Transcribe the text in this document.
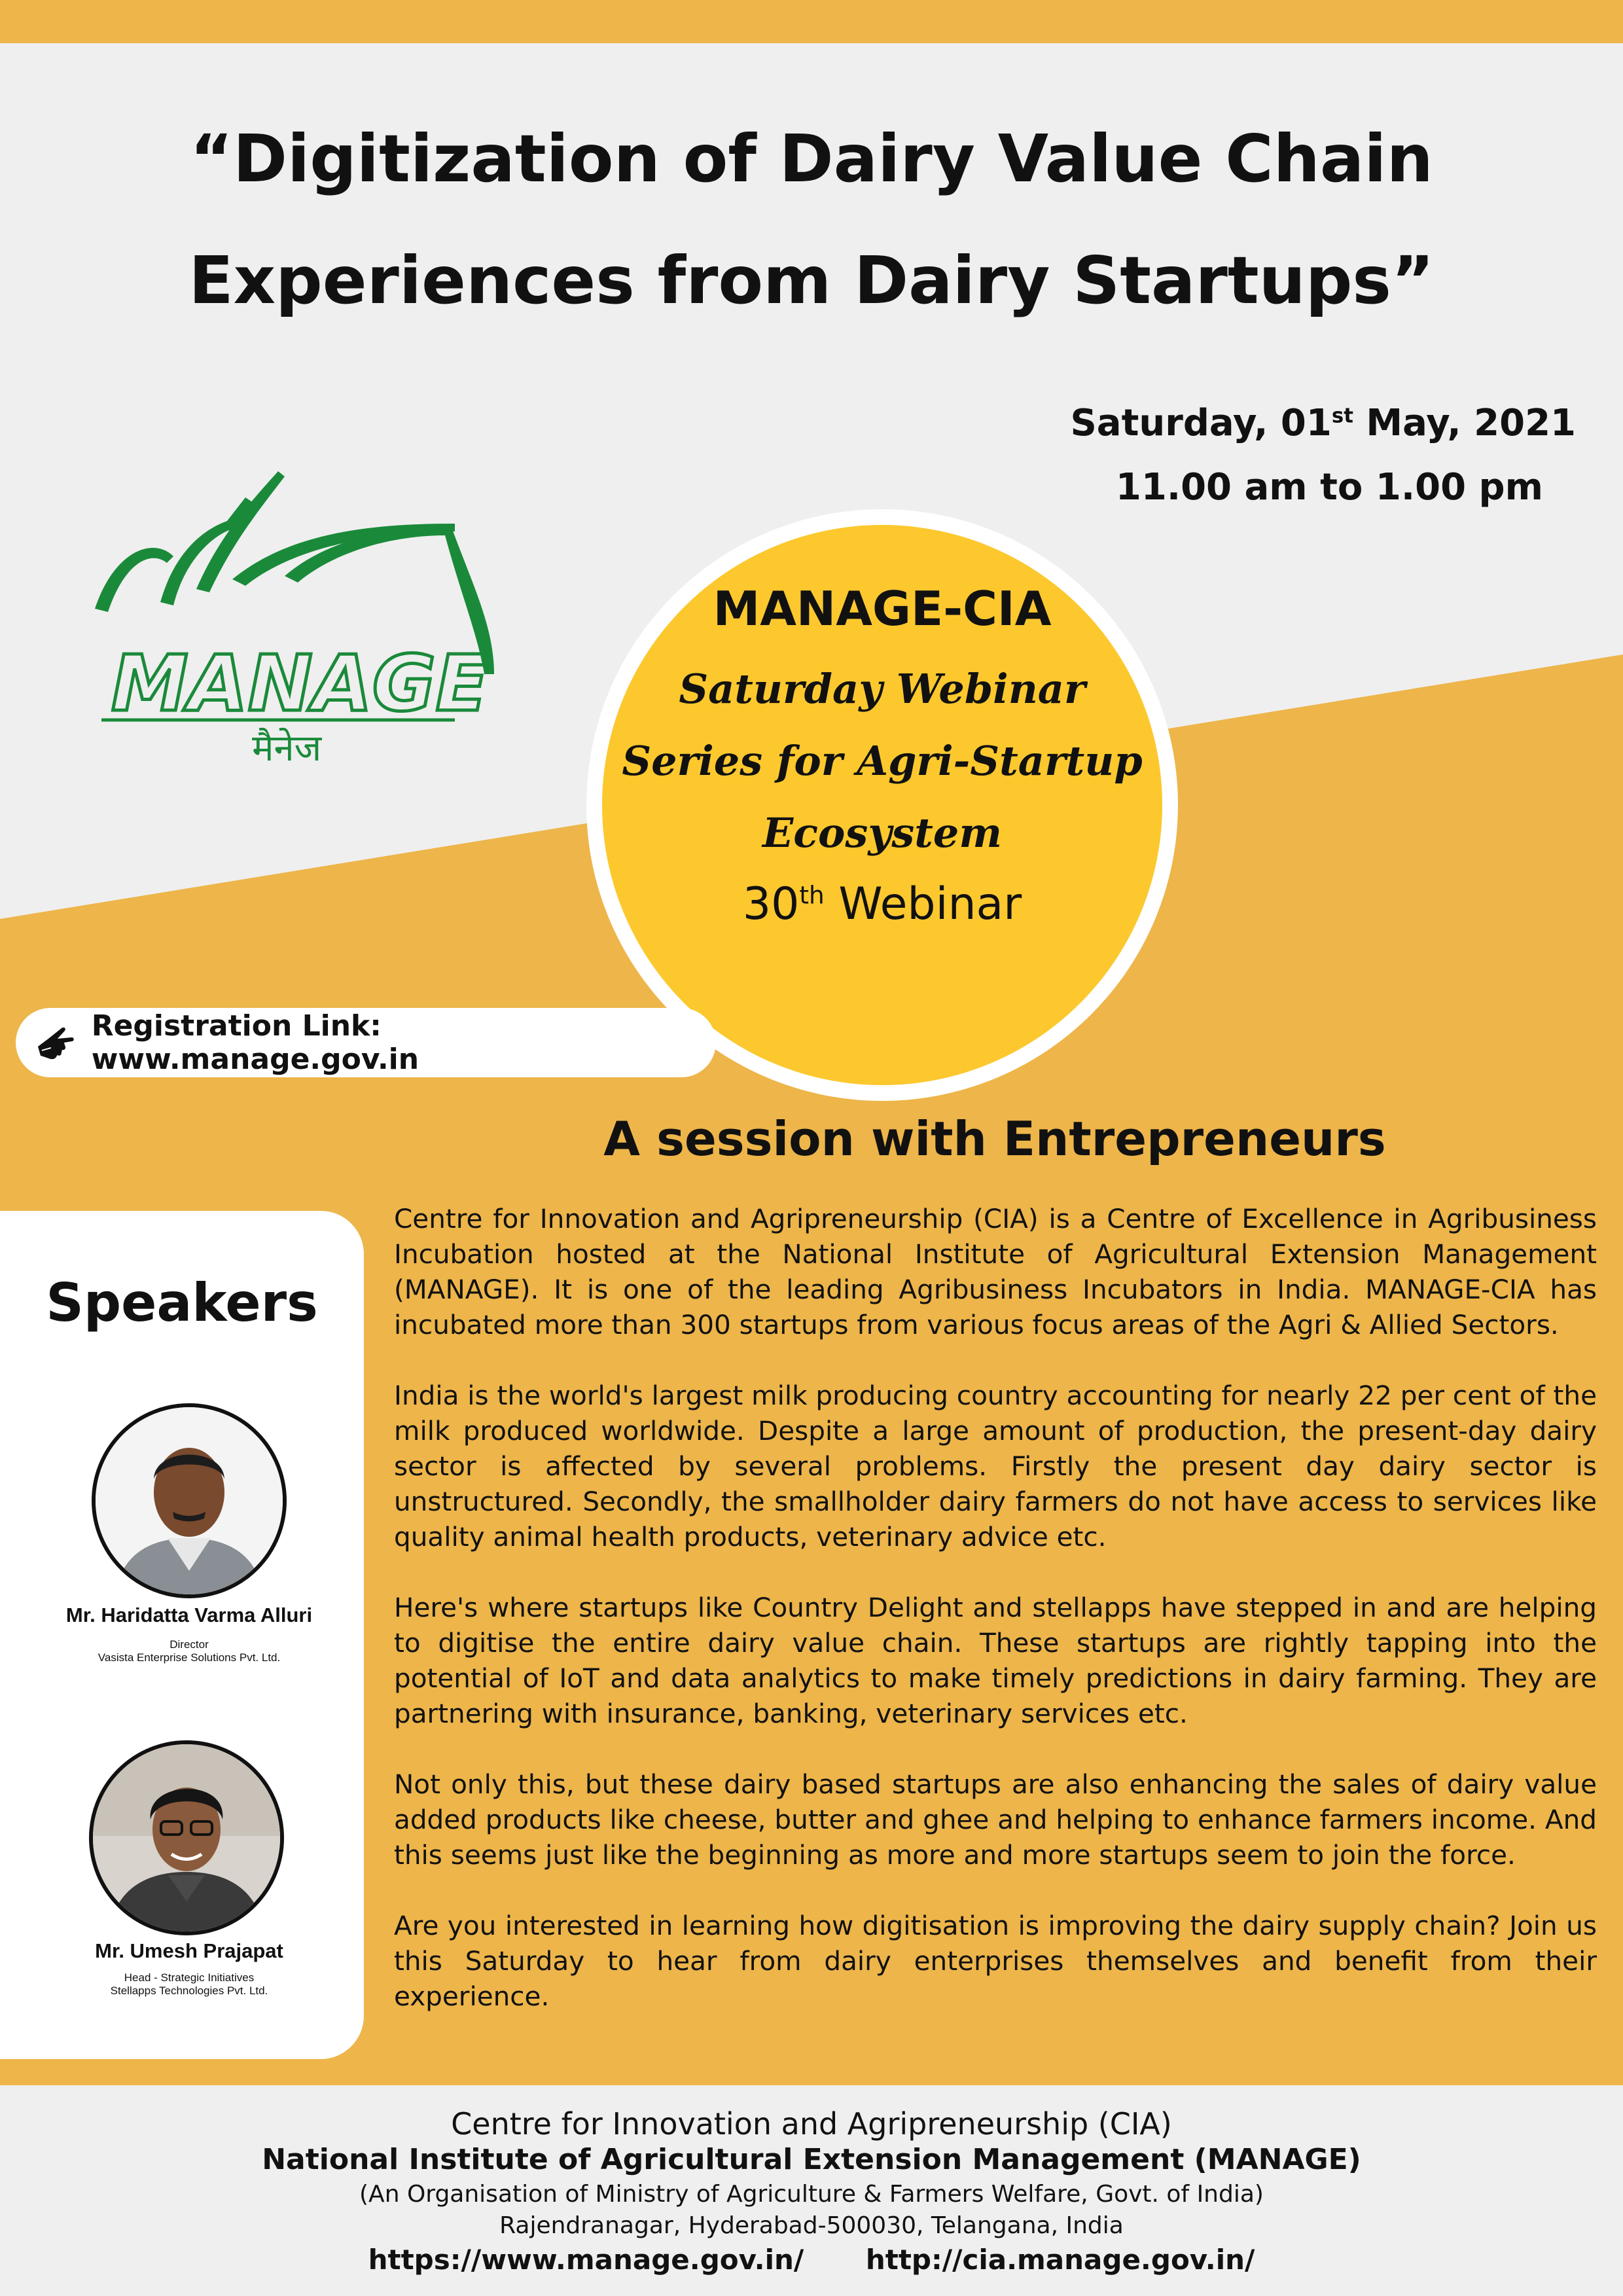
“Digitization of Dairy Value Chain
Experiences from Dairy Startups”
Saturday, 01st May, 2021
11.00 am to 1.00 pm
MANAGE
मैनेज
MANAGE-CIA
Saturday Webinar
Series for Agri-Startup
Ecosystem
30th Webinar
Registration Link: www.manage.gov.in
A session with Entrepreneurs
Speakers
Mr. Haridatta Varma Alluri
Director
Vasista Enterprise Solutions Pvt. Ltd.
Mr. Umesh Prajapat
Head - Strategic Initiatives
Stellapps Technologies Pvt. Ltd.

Centre for Innovation and Agripreneurship (CIA) is a Centre of Excellence in Agribusiness Incubation hosted at the National Institute of Agricultural Extension Management (MANAGE). It is one of the leading Agribusiness Incubators in India. MANAGE-CIA has incubated more than 300 startups from various focus areas of the Agri & Allied Sectors.

India is the world's largest milk producing country accounting for nearly 22 per cent of the milk produced worldwide. Despite a large amount of production, the present-day dairy sector is affected by several problems. Firstly the present day dairy sector is unstructured. Secondly, the smallholder dairy farmers do not have access to services like quality animal health products, veterinary advice etc.

Here's where startups like Country Delight and stellapps have stepped in and are helping to digitise the entire dairy value chain. These startups are rightly tapping into the potential of IoT and data analytics to make timely predictions in dairy farming. They are partnering with insurance, banking, veterinary services etc.

Not only this, but these dairy based startups are also enhancing the sales of dairy value added products like cheese, butter and ghee and helping to enhance farmers income. And this seems just like the beginning as more and more startups seem to join the force.

Are you interested in learning how digitisation is improving the dairy supply chain? Join us this Saturday to hear from dairy enterprises themselves and benefit from their experience.

Centre for Innovation and Agripreneurship (CIA)
National Institute of Agricultural Extension Management (MANAGE)
(An Organisation of Ministry of Agriculture & Farmers Welfare, Govt. of India)
Rajendranagar, Hyderabad-500030, Telangana, India
https://www.manage.gov.in/ http://cia.manage.gov.in/
